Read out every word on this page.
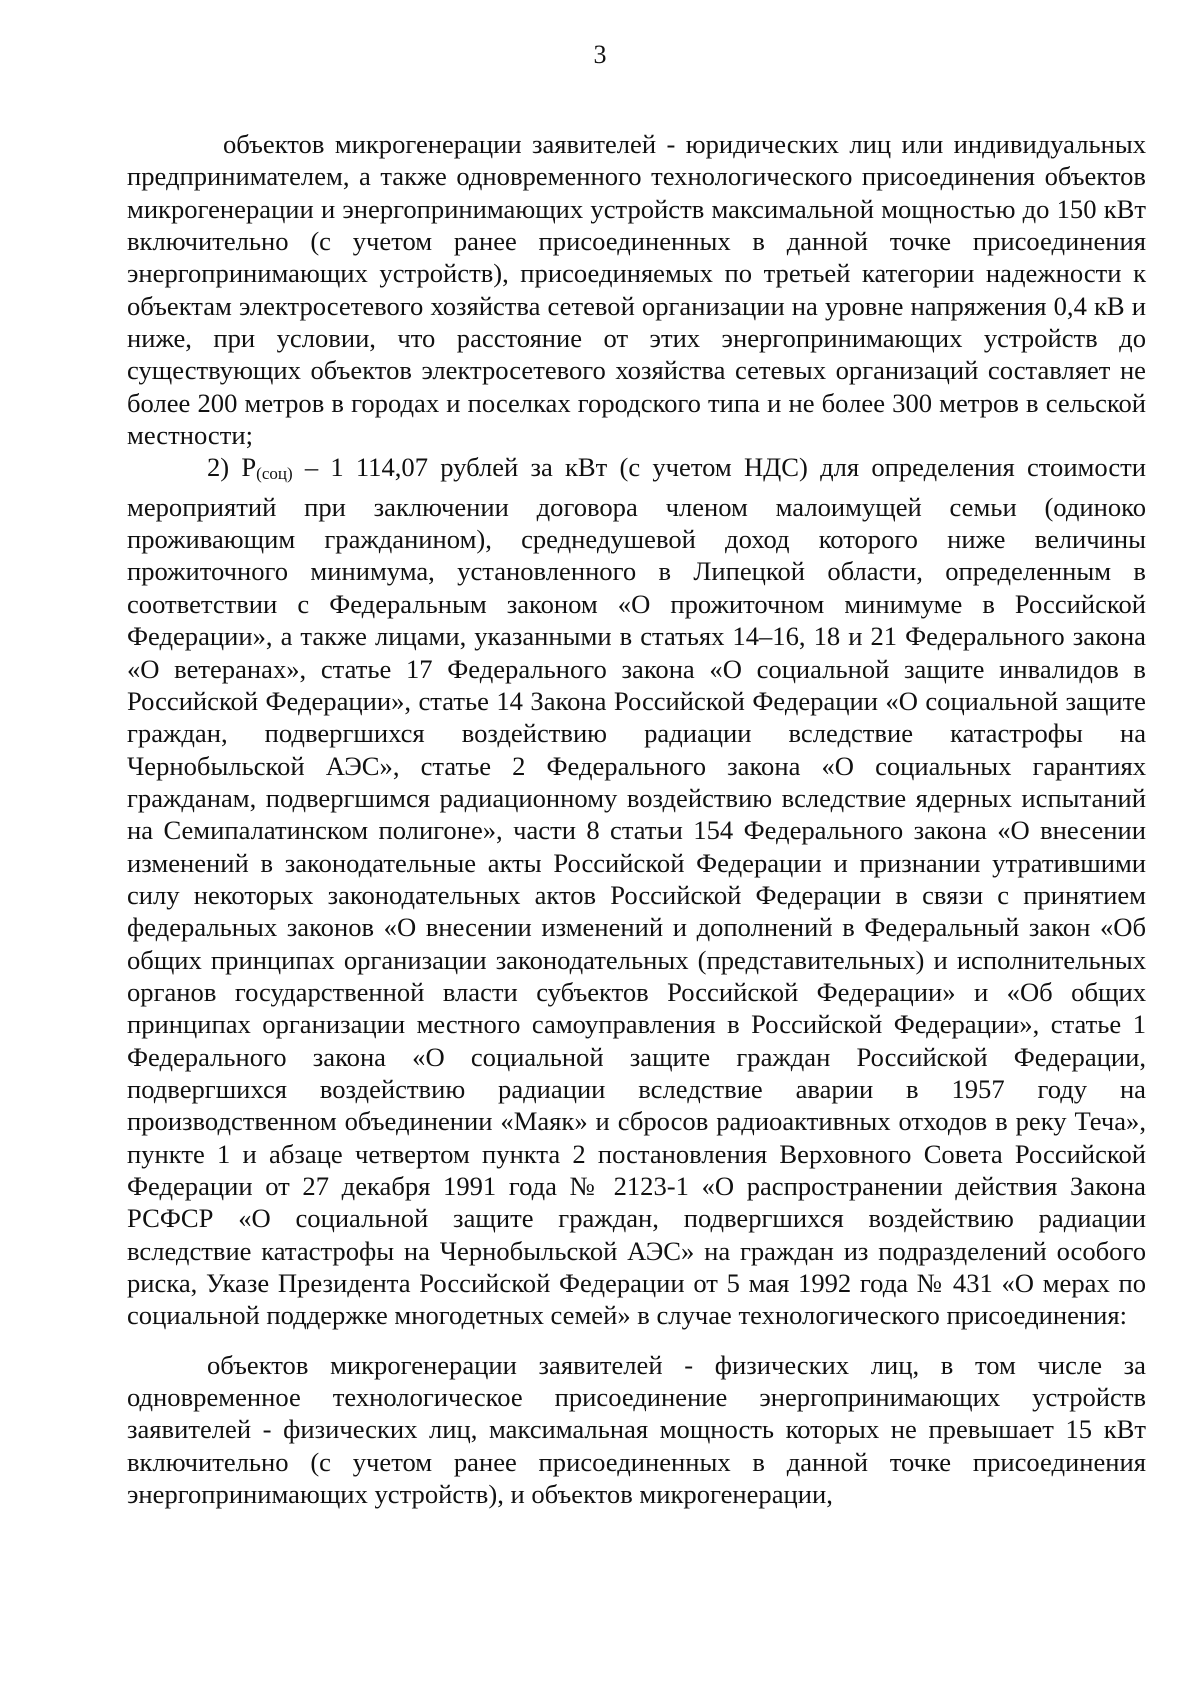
3

объектов микрогенерации заявителей - юридических лиц или индивидуальных предпринимателем, а также одновременного технологического присоединения объектов микрогенерации и энергопринимающих устройств максимальной мощностью до 150 кВт включительно (с учетом ранее присоединенных в данной точке присоединения энергопринимающих устройств), присоединяемых по третьей категории надежности к объектам электросетевого хозяйства сетевой организации на уровне напряжения 0,4 кВ и ниже, при условии, что расстояние от этих энергопринимающих устройств до существующих объектов электросетевого хозяйства сетевых организаций составляет не более 200 метров в городах и поселках городского типа и не более 300 метров в сельской местности;

2) P(соц) – 1 114,07 рублей за кВт (с учетом НДС) для определения стоимости мероприятий при заключении договора членом малоимущей семьи (одиноко проживающим гражданином), среднедушевой доход которого ниже величины прожиточного минимума, установленного в Липецкой области, определенным в соответствии с Федеральным законом «О прожиточном минимуме в Российской Федерации», а также лицами, указанными в статьях 14–16, 18 и 21 Федерального закона «О ветеранах», статье 17 Федерального закона «О социальной защите инвалидов в Российской Федерации», статье 14 Закона Российской Федерации «О социальной защите граждан, подвергшихся воздействию радиации вследствие катастрофы на Чернобыльской АЭС», статье 2 Федерального закона «О социальных гарантиях гражданам, подвергшимся радиационному воздействию вследствие ядерных испытаний на Семипалатинском полигоне», части 8 статьи 154 Федерального закона «О внесении изменений в законодательные акты Российской Федерации и признании утратившими силу некоторых законодательных актов Российской Федерации в связи с принятием федеральных законов «О внесении изменений и дополнений в Федеральный закон «Об общих принципах организации законодательных (представительных) и исполнительных органов государственной власти субъектов Российской Федерации» и «Об общих принципах организации местного самоуправления в Российской Федерации», статье 1 Федерального закона «О социальной защите граждан Российской Федерации, подвергшихся воздействию радиации вследствие аварии в 1957 году на производственном объединении «Маяк» и сбросов радиоактивных отходов в реку Теча», пункте 1 и абзаце четвертом пункта 2 постановления Верховного Совета Российской Федерации от 27 декабря 1991 года № 2123-1 «О распространении действия Закона РСФСР «О социальной защите граждан, подвергшихся воздействию радиации вследствие катастрофы на Чернобыльской АЭС» на граждан из подразделений особого риска, Указе Президента Российской Федерации от 5 мая 1992 года № 431 «О мерах по социальной поддержке многодетных семей» в случае технологического присоединения:

объектов микрогенерации заявителей - физических лиц, в том числе за одновременное технологическое присоединение энергопринимающих устройств заявителей - физических лиц, максимальная мощность которых не превышает 15 кВт включительно (с учетом ранее присоединенных в данной точке присоединения энергопринимающих устройств), и объектов микрогенерации,
